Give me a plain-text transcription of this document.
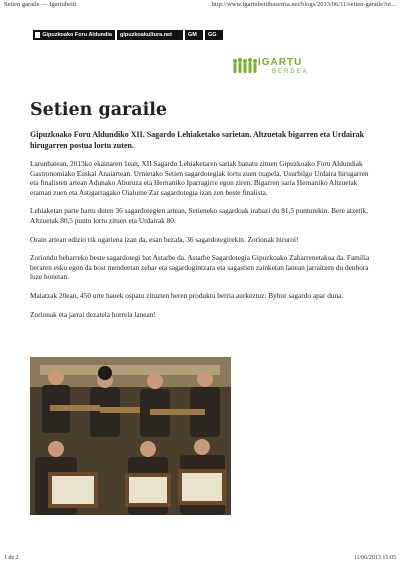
Setien garaile — Igartubeiti	http://www.igartubeitibaserria.net/blogs/2013/06/11/setien-garaile?ut...
Gipuzkoako Foru Aldundia	gipuzkoakultura.net	GM	GG
IGARTU
BERDEA
Setien garaile

Gipuzkoako Foru Aldundiko XII. Sagardo Lehiaketako sarietan. Altzuetak bigarren eta Urdairak hirugarren postua lortu zuten.

Larunbatean, 2013ko ekainaren 1ean, XII Sagardo Lehiaketaren sariak banatu zituen Gipuzkoako Foru Aldundiak Gastronomiako Euskal Anaiartean. Urnietako Setien sagardotegiak lortu zuen txapela, Usurbilgo Urdaira hirugarren eta finalisten artean Adunako Aburuza eta Hernaniko Iparragirre egon ziren. Bigarren saria Hernaniko Altzuetak eraman zuen eta Astigarragako Oialume Zar sagardotegia izan zen beste finalista.

Lehiaketan parte hartu duten 36 sagardotegien artean, Setieneko sagardoak irabazi du 81,5 punturekin. Bere atzetik, Altzuetak 80,5 puntu lortu zituen eta Urdairak 80.

Orain artean edizio rik ugariena izan da, esan bezala, 36 sagardotegirekin. Zorionak hiruroi!

Zoriondu beharreko beste sagardotegi bat Astarbe da. Astarbe Sagardotegia Gipuzkoako Zaharrenetakoa da. Familia beraren esku egon da bost mendeetan zehar eta sagardogintzara eta sagastien zainketan lanean jarraitzen du denbora luze honetan.

Maiatzak 20ean, 450 urte hauek ospatu zituzten beren produktu berria aurkeztuz: Byhur sagardo apar duna.

Zorionak eta jarrai dezatela horrela lanean!

1 de 2	11/06/2013 15:05
